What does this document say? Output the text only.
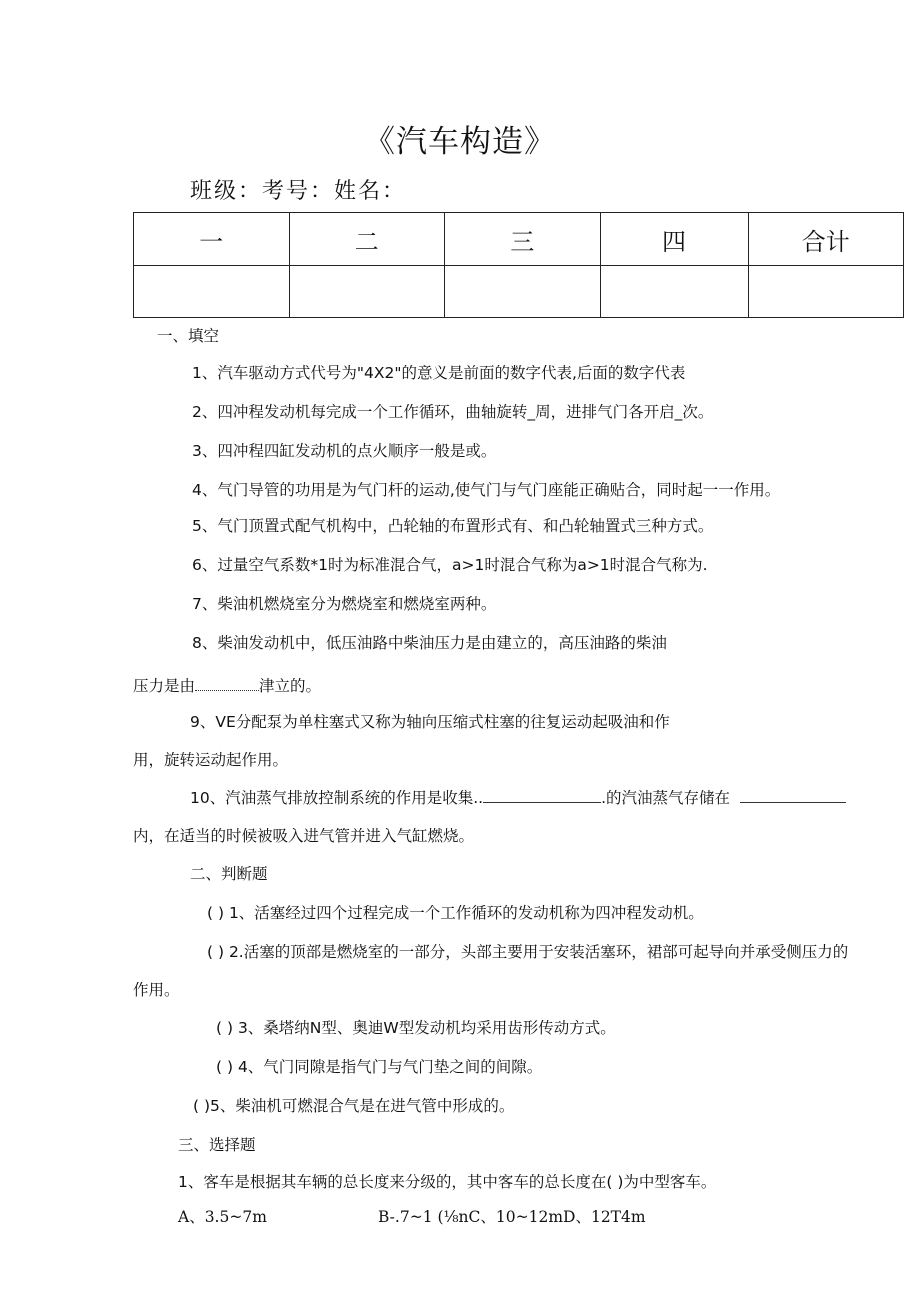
《汽车构造》
班级：考号：姓名：
一	二	三	四	合计

一、填空
1、汽车驱动方式代号为"4X2"的意义是前面的数字代表,后面的数字代表
2、四冲程发动机每完成一个工作循环，曲轴旋转_周，进排气门各开启_次。
3、四冲程四缸发动机的点火顺序一般是或。
4、气门导管的功用是为气门杆的运动,使气门与气门座能正确贴合，同时起一一作用。
5、气门顶置式配气机构中，凸轮轴的布置形式有、和凸轮轴置式三种方式。
6、过量空气系数*1时为标准混合气，a>1时混合气称为a>1时混合气称为.
7、柴油机燃烧室分为燃烧室和燃烧室两种。
8、柴油发动机中，低压油路中柴油压力是由建立的，高压油路的柴油
压力是由	津立的。
9、VE分配泵为单柱塞式又称为轴向压缩式柱塞的往复运动起吸油和作
用，旋转运动起作用。
10、汽油蒸气排放控制系统的作用是收集..	.的汽油蒸气存储在
内，在适当的时候被吸入进气管并进入气缸燃烧。
二、判断题
( ) 1、活塞经过四个过程完成一个工作循环的发动机称为四冲程发动机。
( ) 2.活塞的顶部是燃烧室的一部分，头部主要用于安装活塞环，裙部可起导向并承受侧压力的
作用。
( ) 3、桑塔纳N型、奥迪W型发动机均采用齿形传动方式。
( ) 4、气门同隙是指气门与气门垫之间的间隙。
( )5、柴油机可燃混合气是在进气管中形成的。
三、选择题
1、客车是根据其车辆的总长度来分级的，其中客车的总长度在( )为中型客车。
A、3.5~7m	B-.7~1 (⅛nC、10~12mD、12T4m
